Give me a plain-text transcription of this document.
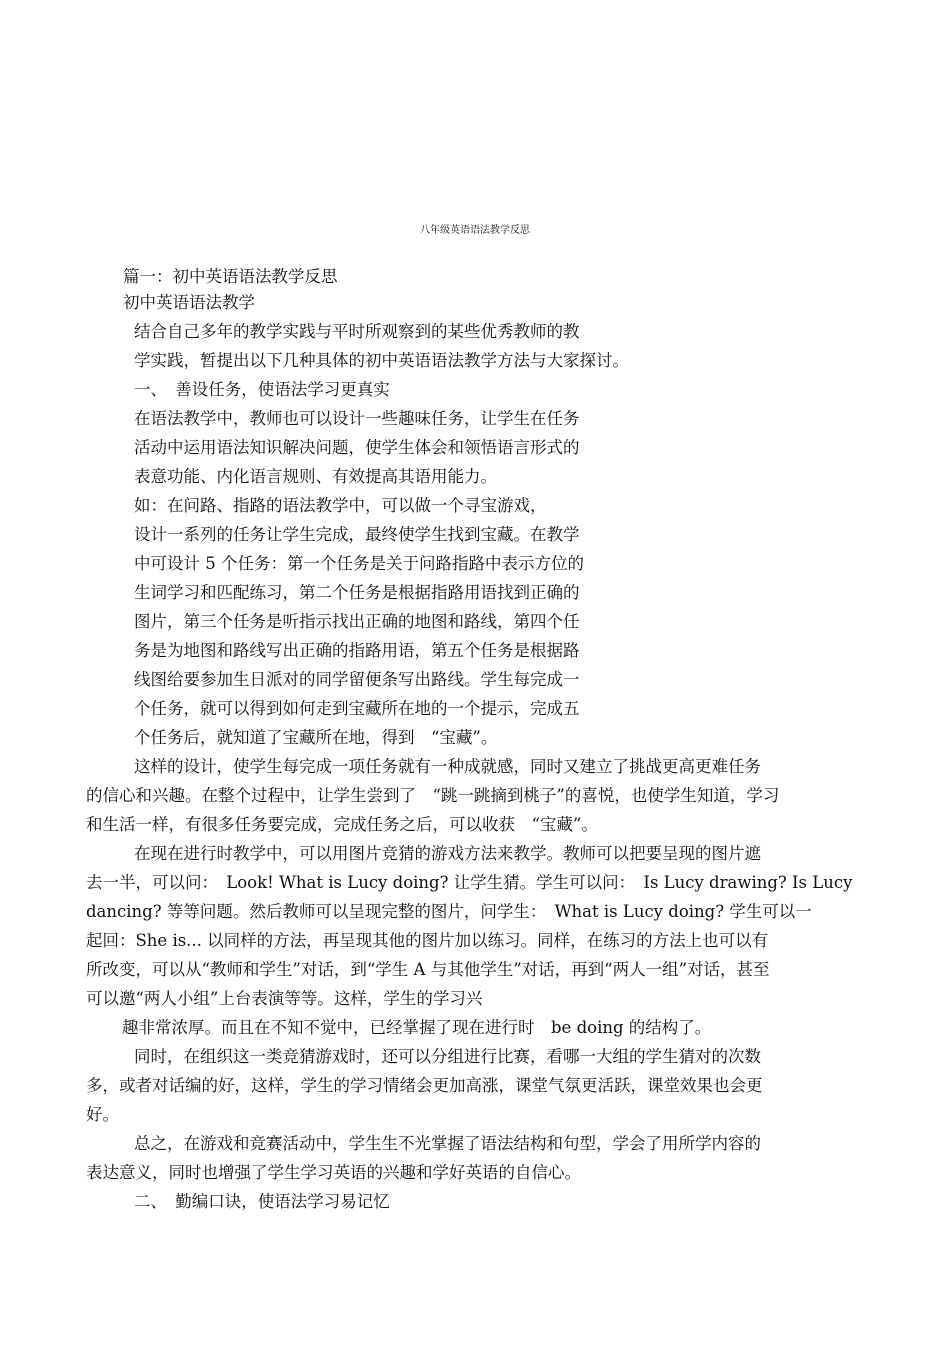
八年级英语语法教学反思
篇一：初中英语语法教学反思
初中英语语法教学
结合自己多年的教学实践与平时所观察到的某些优秀教师的教
学实践，暂提出以下几种具体的初中英语语法教学方法与大家探讨。
一、　善设任务，使语法学习更真实
在语法教学中，教师也可以设计一些趣味任务，让学生在任务
活动中运用语法知识解决问题，使学生体会和领悟语言形式的
表意功能、内化语言规则、有效提高其语用能力。
如：在问路、指路的语法教学中，可以做一个寻宝游戏，
设计一系列的任务让学生完成，最终使学生找到宝藏。在教学
中可设计 5 个任务：第一个任务是关于问路指路中表示方位的
生词学习和匹配练习，第二个任务是根据指路用语找到正确的
图片，第三个任务是听指示找出正确的地图和路线，第四个任
务是为地图和路线写出正确的指路用语，第五个任务是根据路
线图给要参加生日派对的同学留便条写出路线。学生每完成一
个任务，就可以得到如何走到宝藏所在地的一个提示，完成五
个任务后，就知道了宝藏所在地，得到　“宝藏”。
这样的设计，使学生每完成一项任务就有一种成就感，同时又建立了挑战更高更难任务
的信心和兴趣。在整个过程中，让学生尝到了　“跳一跳摘到桃子”的喜悦，也使学生知道，学习
和生活一样，有很多任务要完成，完成任务之后，可以收获　“宝藏”。
在现在进行时教学中，可以用图片竞猜的游戏方法来教学。教师可以把要呈现的图片遮
去一半，可以问：　Look! What is Lucy doing? 让学生猜。学生可以问：　Is Lucy drawing? Is Lucy
dancing? 等等问题。然后教师可以呈现完整的图片，问学生：　What is Lucy doing? 学生可以一
起回：She is... 以同样的方法，再呈现其他的图片加以练习。同样，在练习的方法上也可以有
所改变，可以从“教师和学生”对话，到“学生 A 与其他学生”对话，再到“两人一组”对话，甚至
可以邀“两人小组”上台表演等等。这样，学生的学习兴
趣非常浓厚。而且在不知不觉中，已经掌握了现在进行时　be doing 的结构了。
同时，在组织这一类竞猜游戏时，还可以分组进行比赛，看哪一大组的学生猜对的次数
多，或者对话编的好，这样，学生的学习情绪会更加高涨，课堂气氛更活跃，课堂效果也会更
好。
总之，在游戏和竞赛活动中，学生生不光掌握了语法结构和句型，学会了用所学内容的
表达意义，同时也增强了学生学习英语的兴趣和学好英语的自信心。
二、　勤编口诀，使语法学习易记忆
